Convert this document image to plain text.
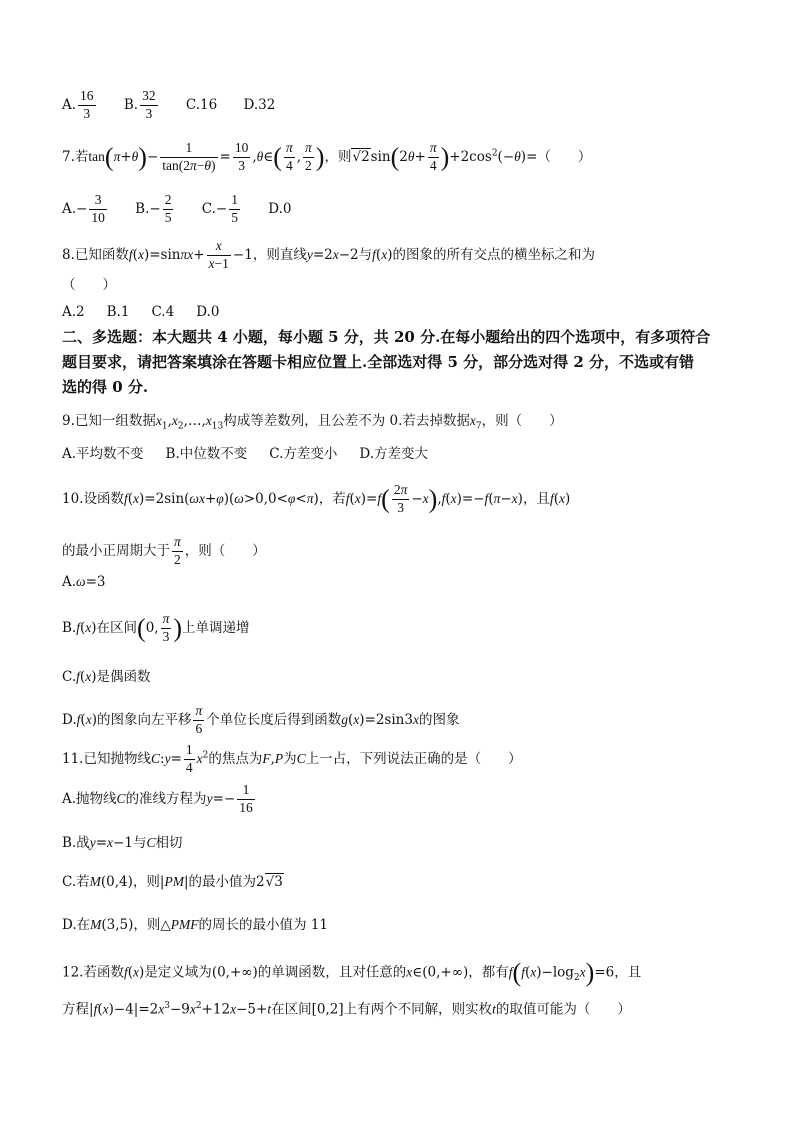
A. $\frac{16}{3} B$. $\frac{32}{3} C.16$ D.32
7.若$\tan(\pi+\theta)- \frac{1}{\tan(2\pi-\theta)} = \frac{10}{3}$ ,θ∈( $\frac{\pi}{4}$ , $\frac{\pi}{2}$ )，则$√2\sin(2\theta+ \frac{\pi}{4} )+2\cos^2(-\theta)=$（　　）
$A.- \frac{3}{10} B.- \frac{2}{5} C.- \frac{1}{5} D.0$
8.已知函数$f(x)=\sin\pi x+ \frac{x}{x-1} -1$，则直线y=2x−2与f(x)的图象的所有交点的横坐标之和为
（　　）
A.2 B.1 C.4 D.0
二、多选题：本大题共 4 小题，每小题 5 分，共 20 分.在每小题给出的四个选项中，有多项符合
题目要求，请把答案填涂在答题卡相应位置上.全部选对得 5 分，部分选对得 2 分，不选或有错
选的得 0 分.
9.已知一组数据$x_1,x_2,\dots,x_{13}$构成等差数列，且公差不为 0.若去掉数据$x_7$，则（　　）
A.平均数不变 B.中位数不变 C.方差变小 D.方差变大
10.设函数f(x)=2sin(ωx+φ)(ω>0,0<φ<π)，若$f(x)=f( \frac{2\pi}{3} -x),f(x)=-f(\pi-x)$，且f(x)
的最小正周期大于 $\frac{\pi}{2}$ ，则（　　）
A.ω=3
B.f(x)在区间(0, $\frac{\pi}{3}$ )上单调递增
C.f(x)是偶函数
D.f(x)的图象向左平移 $\frac{\pi}{6}$ 个单位长度后得到函数g(x)=2sin3x的图象
11.已知抛物线C:y= $\frac{1}{4} x^2$的焦点为F,P为C上一占，下列说法正确的是（　　）
A.抛物线C的准线方程为$y=- \frac{1}{16}$
B.战y=x−1与C相切
C.若M(0,4)，则|PM|的最小值为2√3
D.在M(3,5)，则△PMF的周长的最小值为 11
12.若函数f(x)是定义域为(0,+∞)的单调函数，且对任意的x∈(0,+∞)，都有$f(f(x)-\log_2x)=6$，且
方程$|f(x)-4|=2x^3-9x^2+12x-5+t$在区间[0,2]上有两个不同解，则实枚t的取值可能为（　　）
